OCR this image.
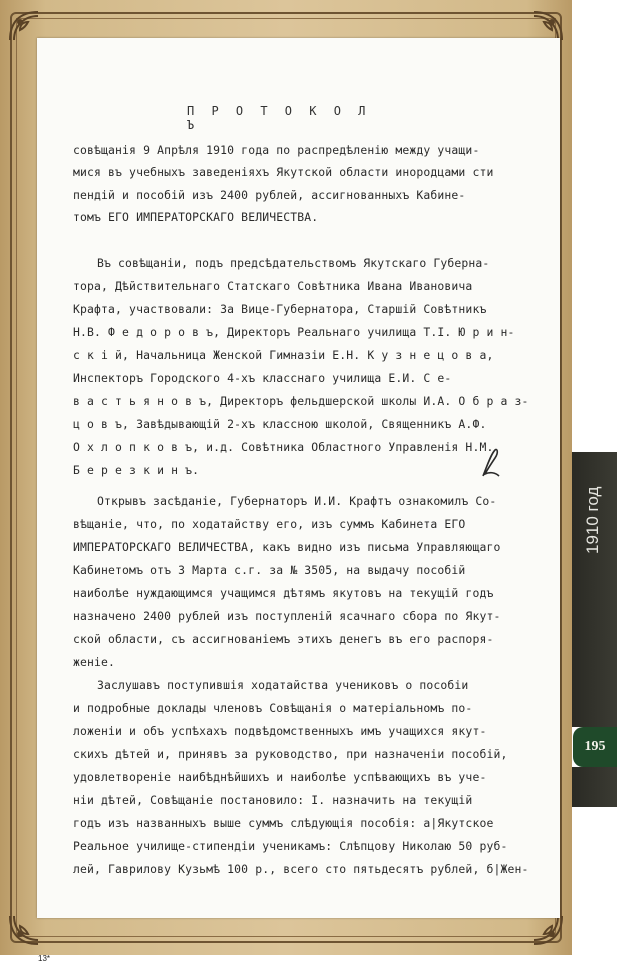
П Р О Т О К О Л Ъ
совѣщанія 9 Апрѣля 1910 года по распредѣленію между учащи-
мися въ учебныхъ заведеніяхъ Якутской области инородцами сти
пендій и пособій изъ 2400 рублей, ассигнованныхъ Кабине-
томъ ЕГО ИМПЕРАТОРСКАГО ВЕЛИЧЕСТВА.
Въ совѣщаніи, подъ предсѣдательствомъ Якутскаго Губерна-
тора, Дѣйствительнаго Статскаго Совѣтника Ивана Ивановича
Крафта, участвовали: За Вице-Губернатора, Старшій Совѣтникъ
Н.В. Ф е д о р о в ъ, Директоръ Реальнаго училища Т.І. Ю р и н-
с к і й, Начальница Женской Гимназіи Е.Н. К у з н е ц о в а,
Инспекторъ Городского 4-хъ класснаго училища Е.И. С е-
в а с т ь я н о в ъ, Директоръ фельдшерской школы И.А. О б р а з-
ц о в ъ, Завѣдывающій 2-хъ классною школой, Священникъ А.Ф.
О х л о п к о в ъ, и.д. Совѣтника Областного Управленія Н.М.
Б е р е з к и н ъ.
Открывъ засѣданіе, Губернаторъ И.И. Крафтъ ознакомилъ Со-
вѣщаніе, что, по ходатайству его, изъ суммъ Кабинета ЕГО
ИМПЕРАТОРСКАГО ВЕЛИЧЕСТВА, какъ видно изъ письма Управляющаго
Кабинетомъ отъ 3 Марта с.г. за № 3505, на выдачу пособій
наиболѣе нуждающимся учащимся дѣтямъ якутовъ на текущій годъ
назначено 2400 рублей изъ поступленій ясачнаго сбора по Якут-
ской области, съ ассигнованіемъ этихъ денегъ въ его распоря-
женіе.
Заслушавъ поступившія ходатайства учениковъ о пособіи
и подробные доклады членовъ Совѣщанія о матеріальномъ по-
ложеніи и объ успѣхахъ подвѣдомственныхъ имъ учащихся якут-
скихъ дѣтей и, принявъ за руководство, при назначеніи пособій,
удовлетвореніе наибѣднѣйшихъ и наиболѣе успѣвающихъ въ уче-
ніи дѣтей, Совѣщаніе постановило: І. назначить на текущій
годъ изъ названныхъ выше суммъ слѣдующія пособія: а|Якутское
Реальное училище-стипендіи ученикамъ: Слѣпцову Николаю 50 руб-
лей, Гаврилову Кузьмѣ 100 р., всего сто пятьдесятъ рублей, б|Жен-
1910 год
195
13*
